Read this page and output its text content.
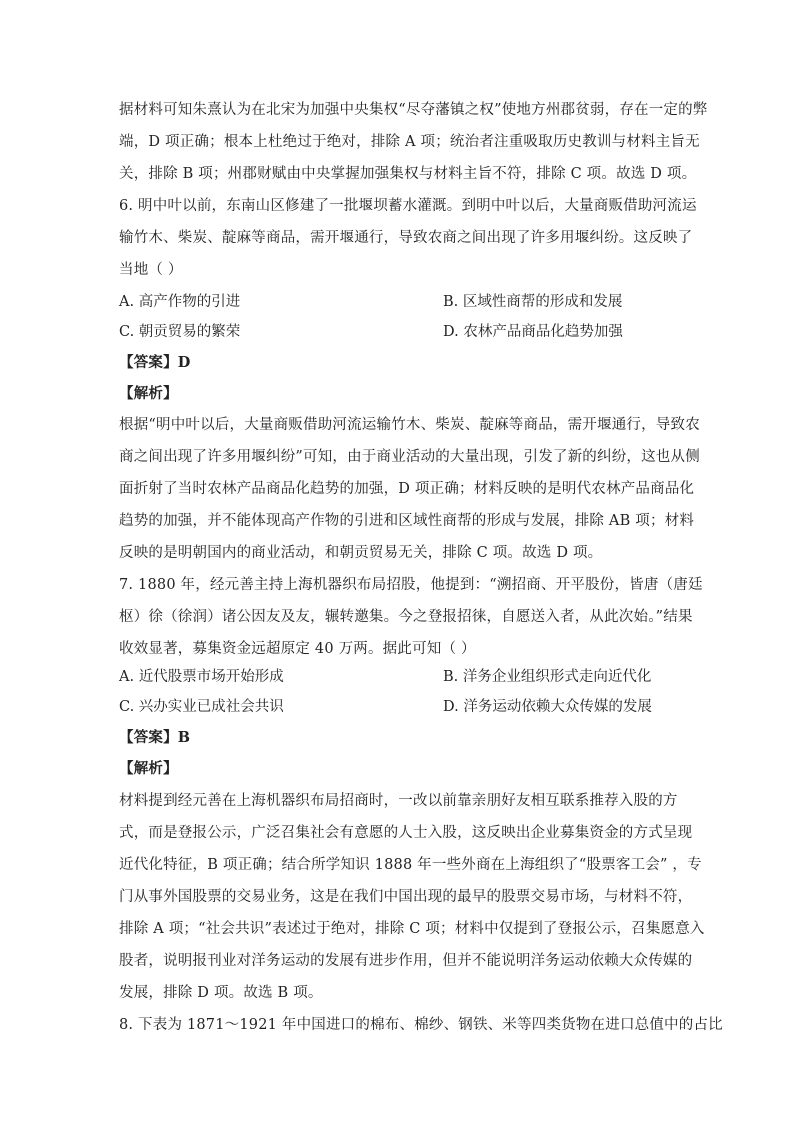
据材料可知朱熹认为在北宋为加强中央集权“尽夺藩镇之权”使地方州郡贫弱，存在一定的弊
端，D 项正确；根本上杜绝过于绝对，排除 A 项；统治者注重吸取历史教训与材料主旨无
关，排除 B 项；州郡财赋由中央掌握加强集权与材料主旨不符，排除 C 项。故选 D 项。
6. 明中叶以前，东南山区修建了一批堰坝蓄水灌溉。到明中叶以后，大量商贩借助河流运
输竹木、柴炭、靛麻等商品，需开堰通行，导致农商之间出现了许多用堰纠纷。这反映了
当地（ ）
A. 高产作物的引进	B. 区域性商帮的形成和发展
C. 朝贡贸易的繁荣	D. 农林产品商品化趋势加强
【答案】D
【解析】
根据“明中叶以后，大量商贩借助河流运输竹木、柴炭、靛麻等商品，需开堰通行，导致农
商之间出现了许多用堰纠纷”可知，由于商业活动的大量出现，引发了新的纠纷，这也从侧
面折射了当时农林产品商品化趋势的加强，D 项正确；材料反映的是明代农林产品商品化
趋势的加强，并不能体现高产作物的引进和区域性商帮的形成与发展，排除 AB 项；材料
反映的是明朝国内的商业活动，和朝贡贸易无关，排除 C 项。故选 D 项。
7. 1880 年，经元善主持上海机器织布局招股，他提到：“溯招商、开平股份，皆唐（唐廷
枢）徐（徐润）诸公因友及友，辗转邀集。今之登报招徕，自愿送入者，从此次始。”结果
收效显著，募集资金远超原定 40 万两。据此可知（ ）
A. 近代股票市场开始形成	B. 洋务企业组织形式走向近代化
C. 兴办实业已成社会共识	D. 洋务运动依赖大众传媒的发展
【答案】B
【解析】
材料提到经元善在上海机器织布局招商时，一改以前靠亲朋好友相互联系推荐入股的方
式，而是登报公示，广泛召集社会有意愿的人士入股，这反映出企业募集资金的方式呈现
近代化特征，B 项正确；结合所学知识 1888 年一些外商在上海组织了“股票客工会” ，专
门从事外国股票的交易业务，这是在我们中国出现的最早的股票交易市场，与材料不符，
排除 A 项；“社会共识”表述过于绝对，排除 C 项；材料中仅提到了登报公示，召集愿意入
股者，说明报刊业对洋务运动的发展有进步作用，但并不能说明洋务运动依赖大众传媒的
发展，排除 D 项。故选 B 项。
8. 下表为 1871～1921 年中国进口的棉布、棉纱、钢铁、米等四类货物在进口总值中的占比
